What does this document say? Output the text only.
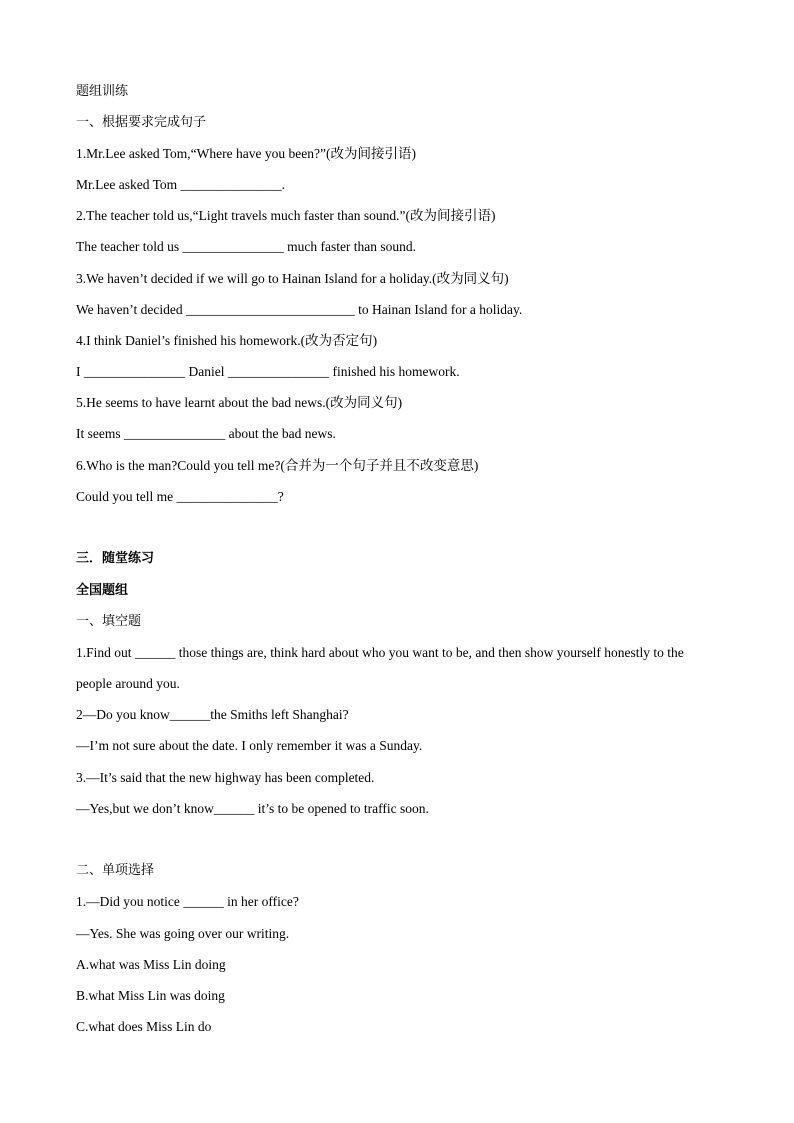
题组训练
一、根据要求完成句子
1.Mr.Lee asked Tom,“Where have you been?”(改为间接引语)
Mr.Lee asked Tom _______________.
2.The teacher told us,“Light travels much faster than sound.”(改为间接引语)
The teacher told us _______________ much faster than sound.
3.We haven’t decided if we will go to Hainan Island for a holiday.(改为同义句)
We haven’t decided _________________________ to Hainan Island for a holiday.
4.I think Daniel’s finished his homework.(改为否定句)
I _______________ Daniel _______________ finished his homework.
5.He seems to have learnt about the bad news.(改为同义句)
It seems _______________ about the bad news.
6.Who is the man?Could you tell me?(合并为一个句子并且不改变意思)
Could you tell me _______________?
三．随堂练习
全国题组
一、填空题
1.Find out ______ those things are, think hard about who you want to be, and then show yourself honestly to the
people around you.
2—Do you know______the Smiths left Shanghai?
—I’m not sure about the date. I only remember it was a Sunday.
3.—It’s said that the new highway has been completed.
—Yes,but we don’t know______ it’s to be opened to traffic soon.
二、单项选择
1.—Did you notice ______ in her office?
—Yes. She was going over our writing.
A.what was Miss Lin doing
B.what Miss Lin was doing
C.what does Miss Lin do
